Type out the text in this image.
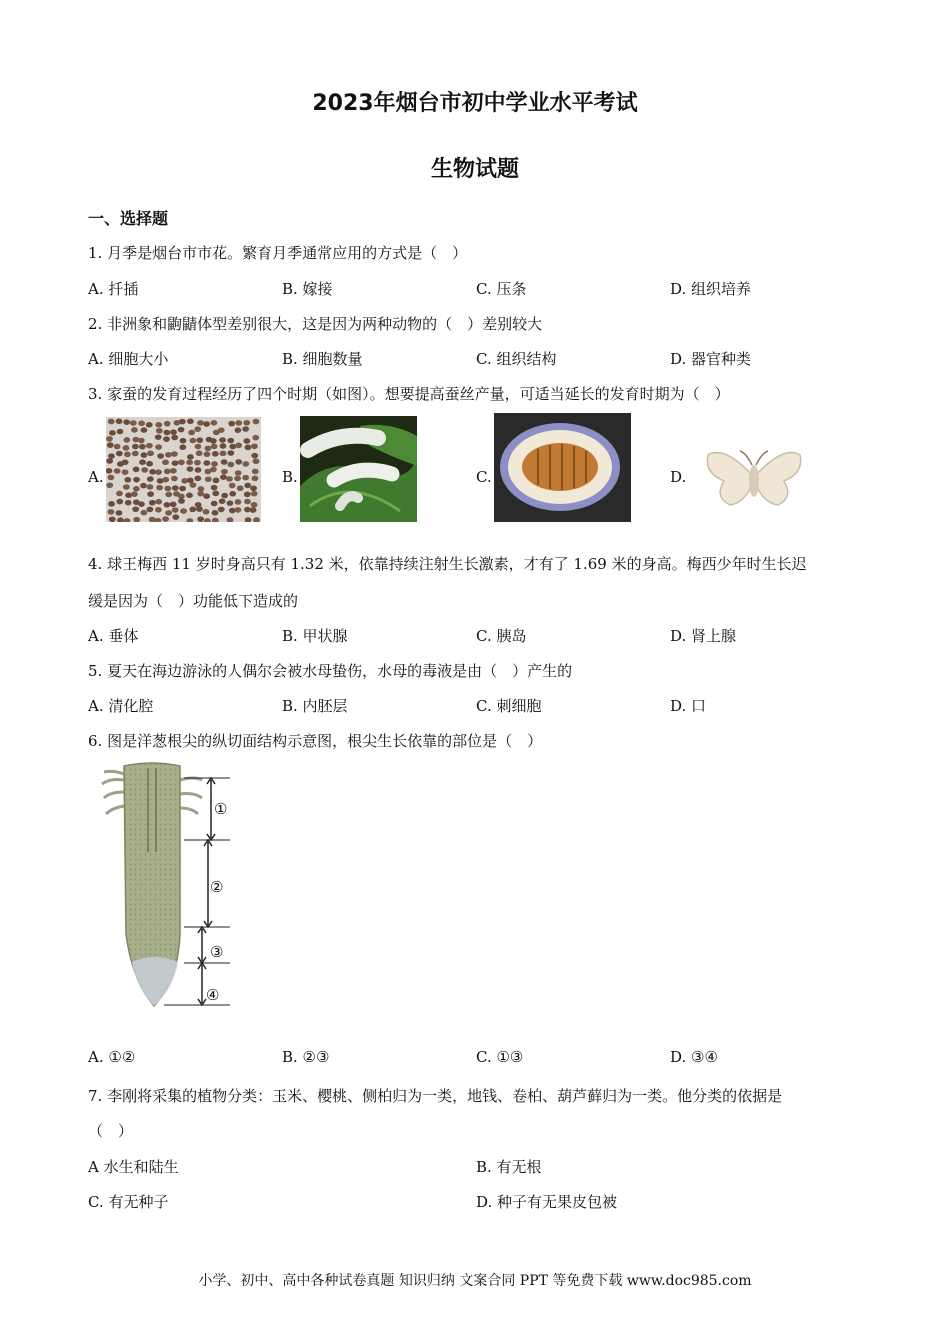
2023年烟台市初中学业水平考试
生物试题
一、选择题
1. 月季是烟台市市花。繁育月季通常应用的方式是（　）
A. 扦插	B. 嫁接	C. 压条	D. 组织培养
2. 非洲象和鼩鼱体型差别很大，这是因为两种动物的（　）差别较大
A. 细胞大小	B. 细胞数量	C. 组织结构	D. 器官种类
3. 家蚕的发育过程经历了四个时期（如图）。想要提高蚕丝产量，可适当延长的发育时期为（　）
A.	B.	C.	D.
4. 球王梅西 11 岁时身高只有 1.32 米，依靠持续注射生长激素，才有了 1.69 米的身高。梅西少年时生长迟
缓是因为（　）功能低下造成的
A. 垂体	B. 甲状腺	C. 胰岛	D. 肾上腺
5. 夏天在海边游泳的人偶尔会被水母蛰伤，水母的毒液是由（　）产生的
A. 清化腔	B. 内胚层	C. 刺细胞	D. 口
6. 图是洋葱根尖的纵切面结构示意图，根尖生长依靠的部位是（　）
①
②
③
④
A. ①②	B. ②③	C. ①③	D. ③④
7. 李刚将采集的植物分类：玉米、樱桃、侧柏归为一类，地钱、卷柏、葫芦藓归为一类。他分类的依据是
（　）
A 水生和陆生	B. 有无根
C. 有无种子	D. 种子有无果皮包被
小学、初中、高中各种试卷真题 知识归纳 文案合同 PPT 等免费下载 www.doc985.com
